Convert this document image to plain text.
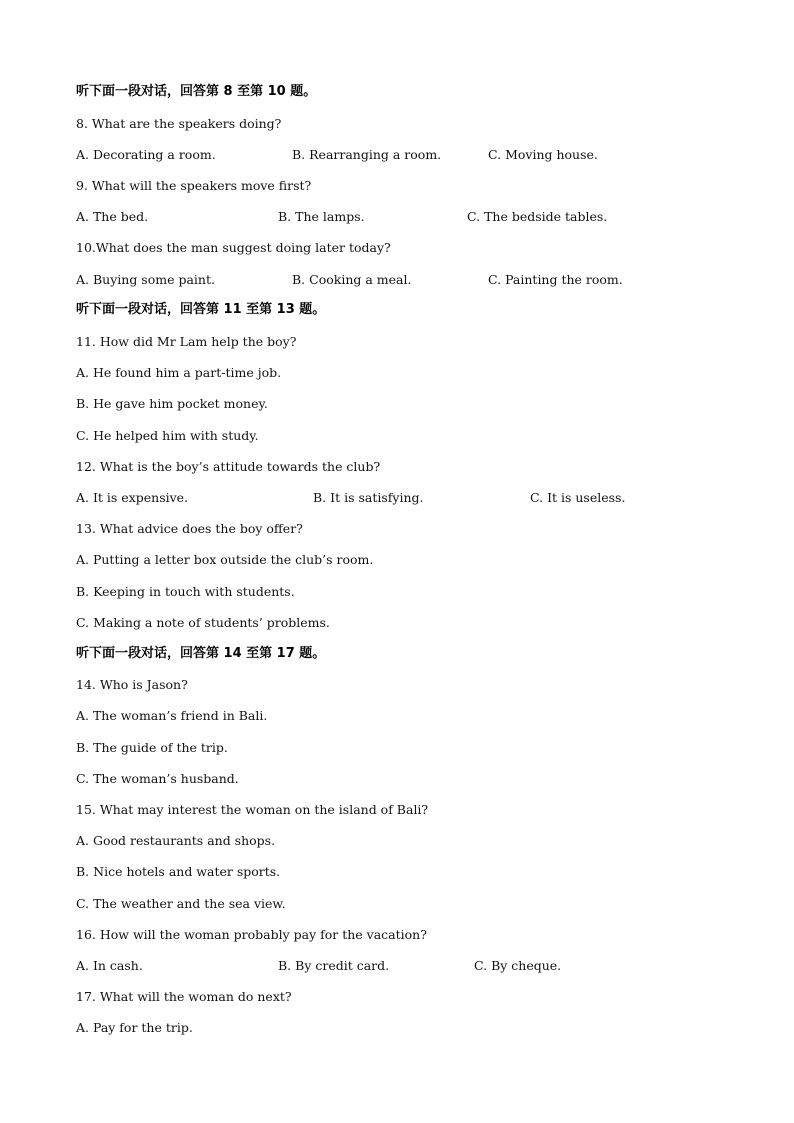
听下面一段对话，回答第 8 至第 10 题。
8. What are the speakers doing?
A. Decorating a room.	B. Rearranging a room.	C. Moving house.
9. What will the speakers move first?
A. The bed.	B. The lamps.	C. The bedside tables.
10.What does the man suggest doing later today?
A. Buying some paint.	B. Cooking a meal.	C. Painting the room.
听下面一段对话，回答第 11 至第 13 题。
11. How did Mr Lam help the boy?
A. He found him a part-time job.
B. He gave him pocket money.
C. He helped him with study.
12. What is the boy’s attitude towards the club?
A. It is expensive.	B. It is satisfying.	C. It is useless.
13. What advice does the boy offer?
A. Putting a letter box outside the club’s room.
B. Keeping in touch with students.
C. Making a note of students’ problems.
听下面一段对话，回答第 14 至第 17 题。
14. Who is Jason?
A. The woman’s friend in Bali.
B. The guide of the trip.
C. The woman’s husband.
15. What may interest the woman on the island of Bali?
A. Good restaurants and shops.
B. Nice hotels and water sports.
C. The weather and the sea view.
16. How will the woman probably pay for the vacation?
A. In cash.	B. By credit card.	C. By cheque.
17. What will the woman do next?
A. Pay for the trip.
